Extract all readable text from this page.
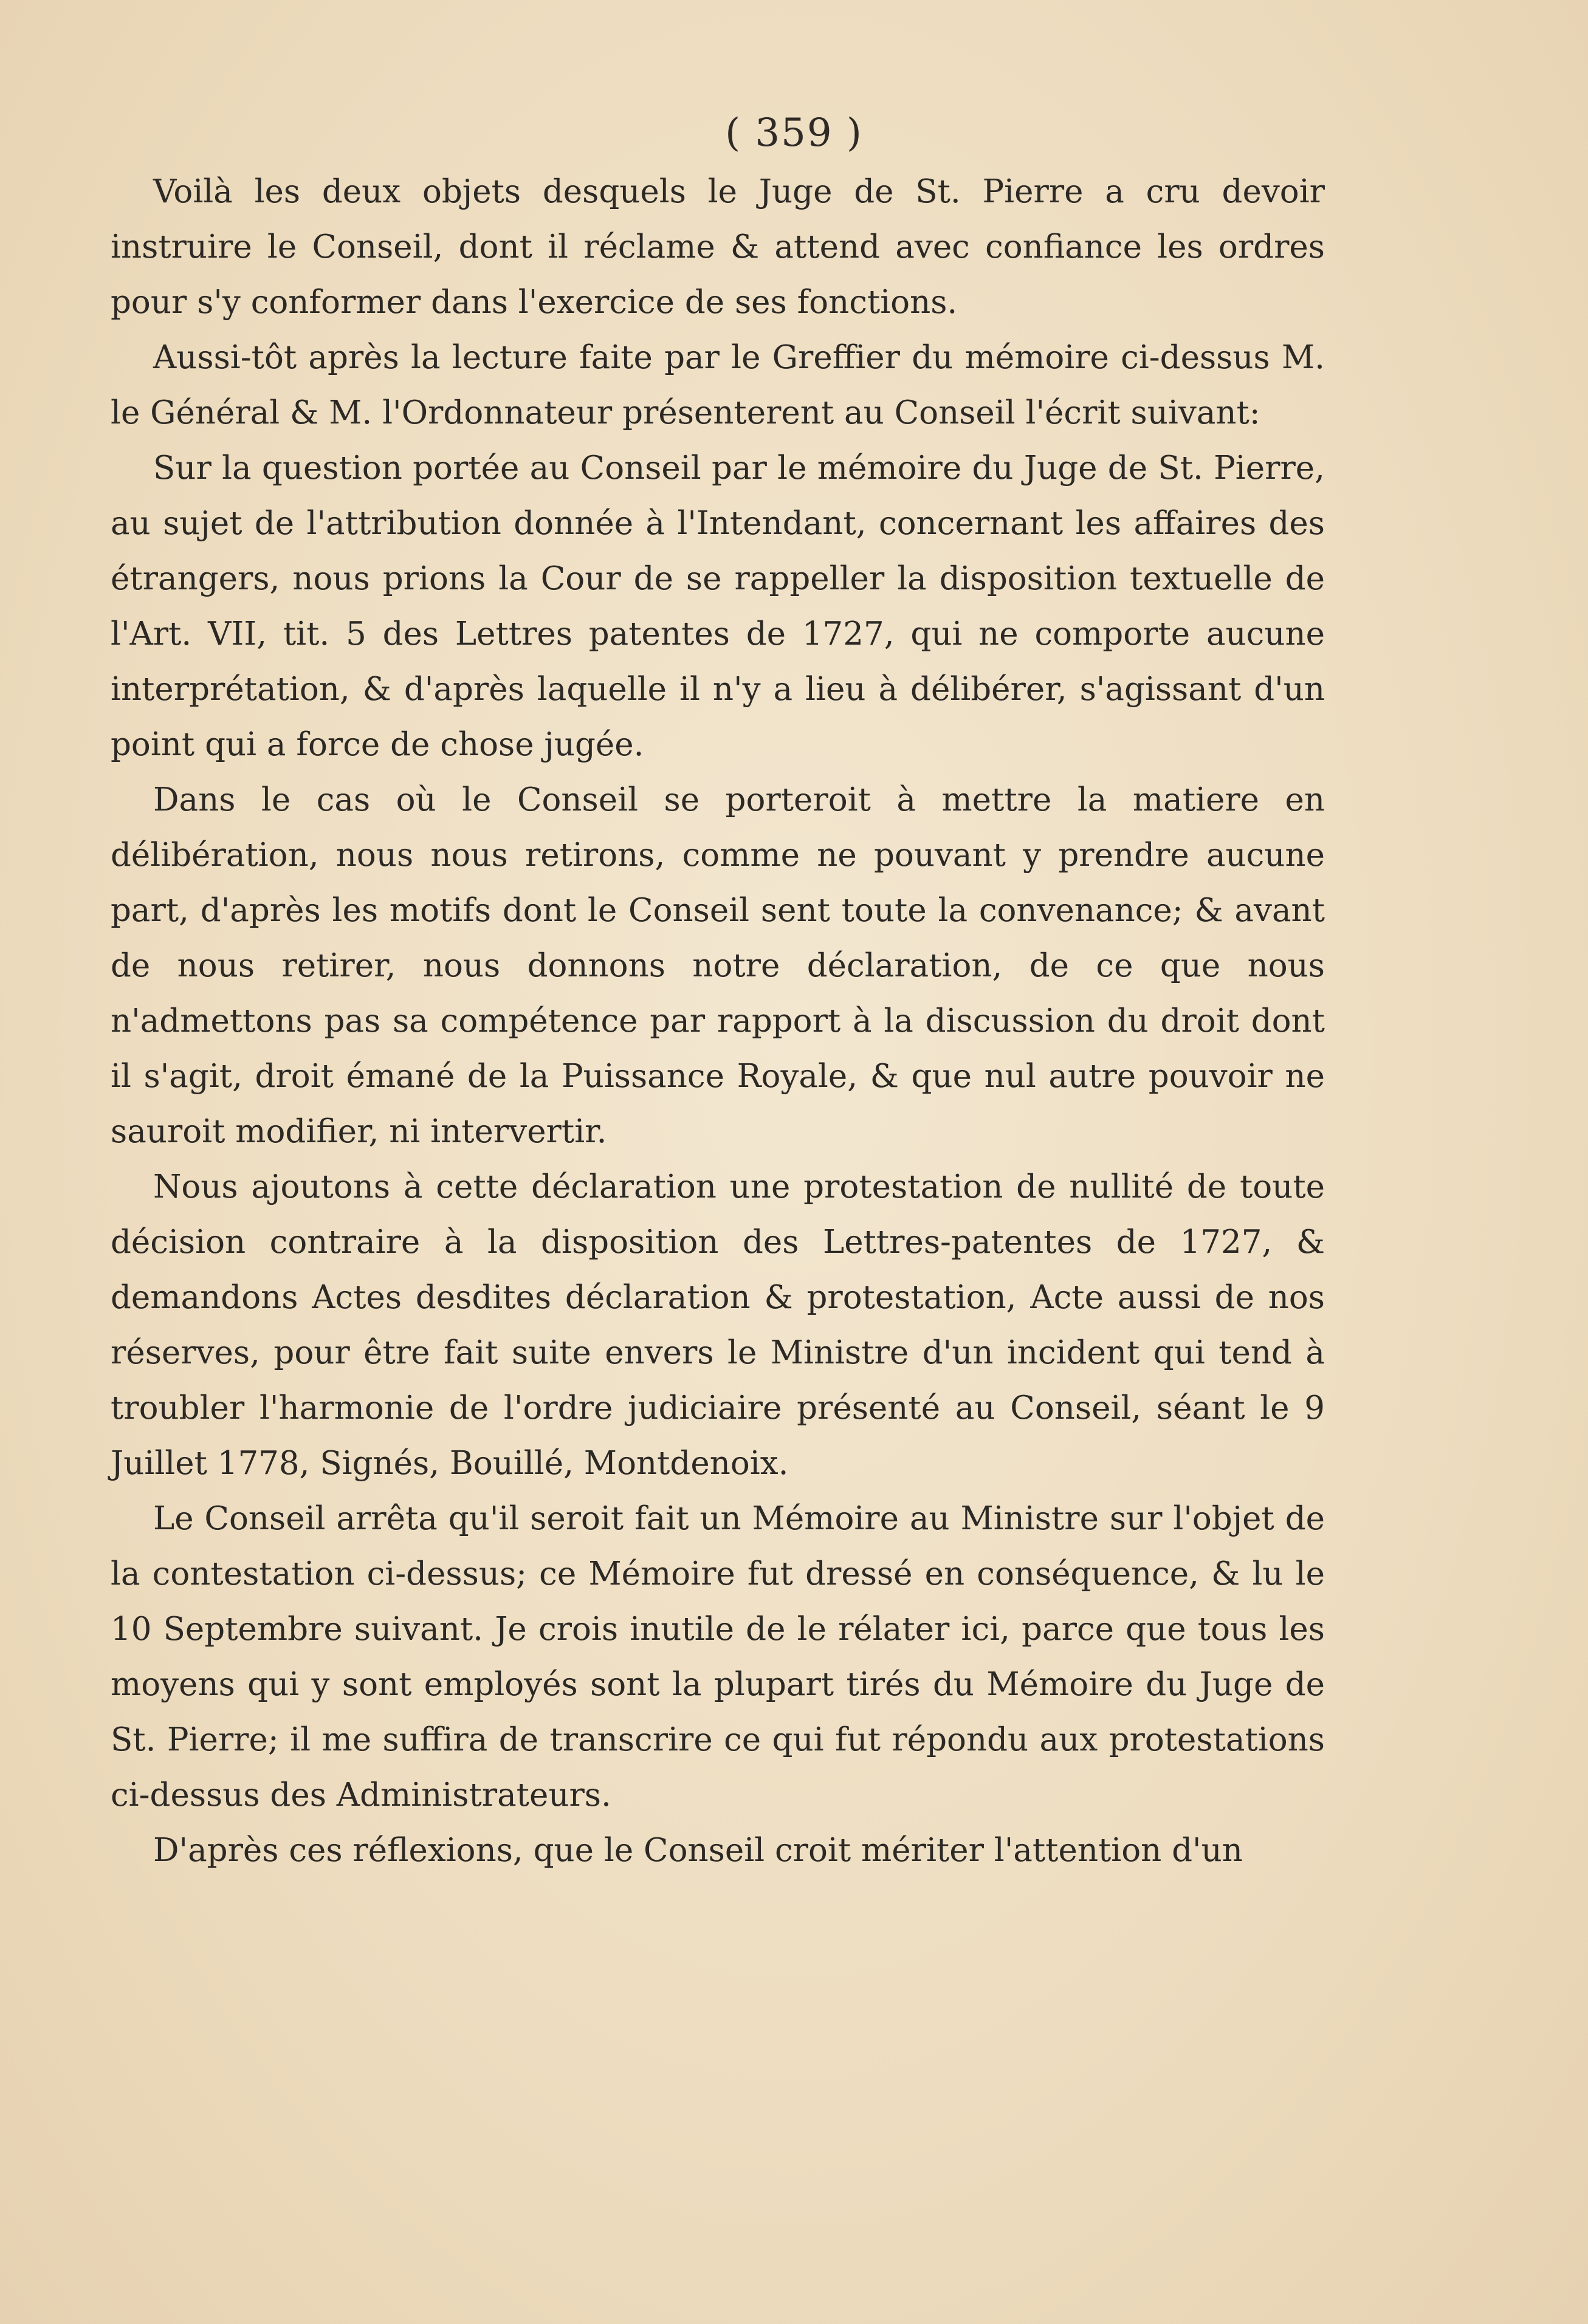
( 359 )

Voilà les deux objets desquels le Juge de St. Pierre a cru devoir instruire le Conseil, dont il réclame & attend avec confiance les ordres pour s'y conformer dans l'exercice de ses fonctions.

Aussi-tôt après la lecture faite par le Greffier du mémoire ci-dessus M. le Général & M. l'Ordonnateur présenterent au Conseil l'écrit suivant:

Sur la question portée au Conseil par le mémoire du Juge de St. Pierre, au sujet de l'attribution donnée à l'Intendant, concernant les affaires des étrangers, nous prions la Cour de se rappeller la disposition textuelle de l'Art. VII, tit. 5 des Lettres patentes de 1727, qui ne comporte aucune interprétation, & d'après laquelle il n'y a lieu à délibérer, s'agissant d'un point qui a force de chose jugée.

Dans le cas où le Conseil se porteroit à mettre la matiere en délibération, nous nous retirons, comme ne pouvant y prendre aucune part, d'après les motifs dont le Conseil sent toute la convenance; & avant de nous retirer, nous donnons notre déclaration, de ce que nous n'admettons pas sa compétence par rapport à la discussion du droit dont il s'agit, droit émané de la Puissance Royale, & que nul autre pouvoir ne sauroit modifier, ni intervertir.

Nous ajoutons à cette déclaration une protestation de nullité de toute décision contraire à la disposition des Lettres-patentes de 1727, & demandons Actes desdites déclaration & protestation, Acte aussi de nos réserves, pour être fait suite envers le Ministre d'un incident qui tend à troubler l'harmonie de l'ordre judiciaire présenté au Conseil, séant le 9 Juillet 1778, Signés, Bouillé, Montdenoix.

Le Conseil arrêta qu'il seroit fait un Mémoire au Ministre sur l'objet de la contestation ci-dessus; ce Mémoire fut dressé en conséquence, & lu le 10 Septembre suivant. Je crois inutile de le rélater ici, parce que tous les moyens qui y sont employés sont la plupart tirés du Mémoire du Juge de St. Pierre; il me suffira de transcrire ce qui fut répondu aux protestations ci-dessus des Administrateurs.

D'après ces réflexions, que le Conseil croit mériter l'attention d'un
